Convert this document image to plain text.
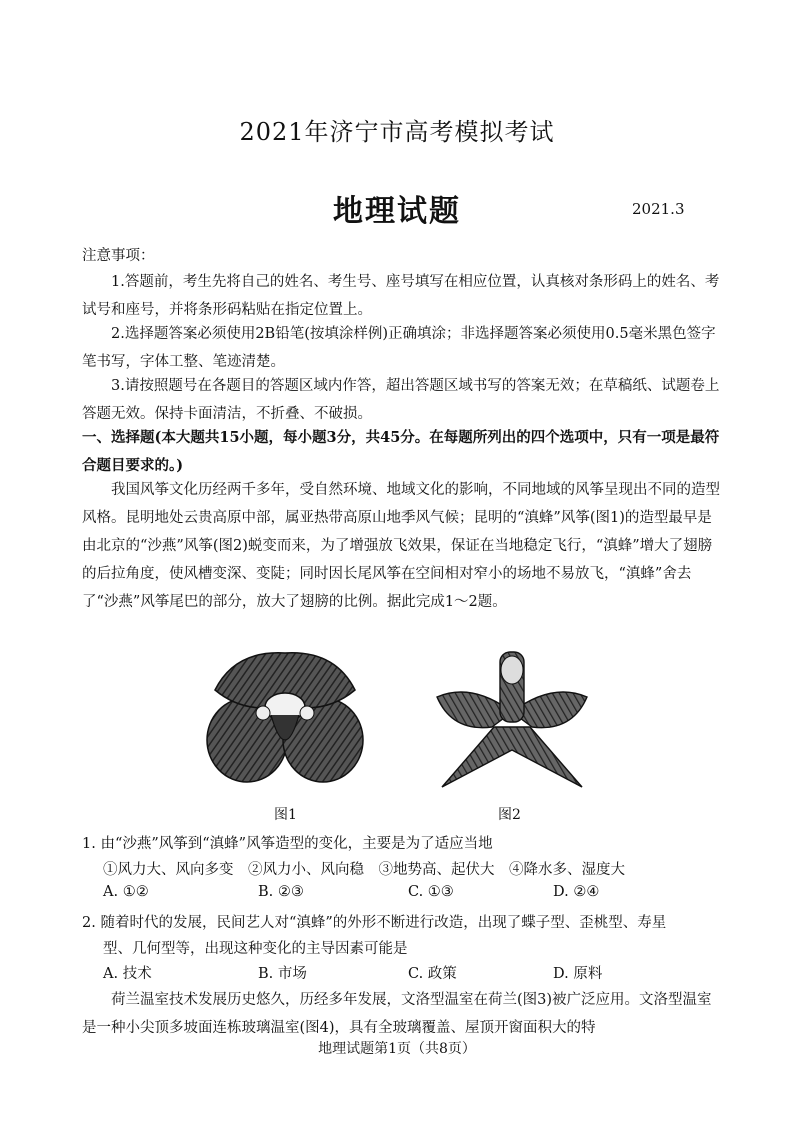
2021年济宁市高考模拟考试
地理试题	2021.3
注意事项：
1.答题前，考生先将自己的姓名、考生号、座号填写在相应位置，认真核对条形码上的姓名、考试号和座号，并将条形码粘贴在指定位置上。
2.选择题答案必须使用2B铅笔(按填涂样例)正确填涂；非选择题答案必须使用0.5毫米黑色签字笔书写，字体工整、笔迹清楚。
3.请按照题号在各题目的答题区域内作答，超出答题区域书写的答案无效；在草稿纸、试题卷上答题无效。保持卡面清洁，不折叠、不破损。
一、选择题(本大题共15小题，每小题3分，共45分。在每题所列出的四个选项中，只有一项是最符合题目要求的。)
我国风筝文化历经两千多年，受自然环境、地域文化的影响，不同地域的风筝呈现出不同的造型风格。昆明地处云贵高原中部，属亚热带高原山地季风气候；昆明的“滇蜂”风筝(图1)的造型最早是由北京的“沙燕”风筝(图2)蜕变而来，为了增强放飞效果，保证在当地稳定飞行，“滇蜂”增大了翅膀的后拉角度，使风槽变深、变陡；同时因长尾风筝在空间相对窄小的场地不易放飞，“滇蜂”舍去了“沙燕”风筝尾巴的部分，放大了翅膀的比例。据此完成1～2题。
图1	图2
1. 由“沙燕”风筝到“滇蜂”风筝造型的变化，主要是为了适应当地
①风力大、风向多变　②风力小、风向稳　③地势高、起伏大　④降水多、湿度大
A. ①②	B. ②③	C. ①③	D. ②④
2. 随着时代的发展，民间艺人对“滇蜂”的外形不断进行改造，出现了蝶子型、歪桃型、寿星
型、几何型等，出现这种变化的主导因素可能是
A. 技术	B. 市场	C. 政策	D. 原料
荷兰温室技术发展历史悠久，历经多年发展，文洛型温室在荷兰(图3)被广泛应用。文洛型温室是一种小尖顶多坡面连栋玻璃温室(图4)，具有全玻璃覆盖、屋顶开窗面积大的特
地理试题第1页（共8页）
